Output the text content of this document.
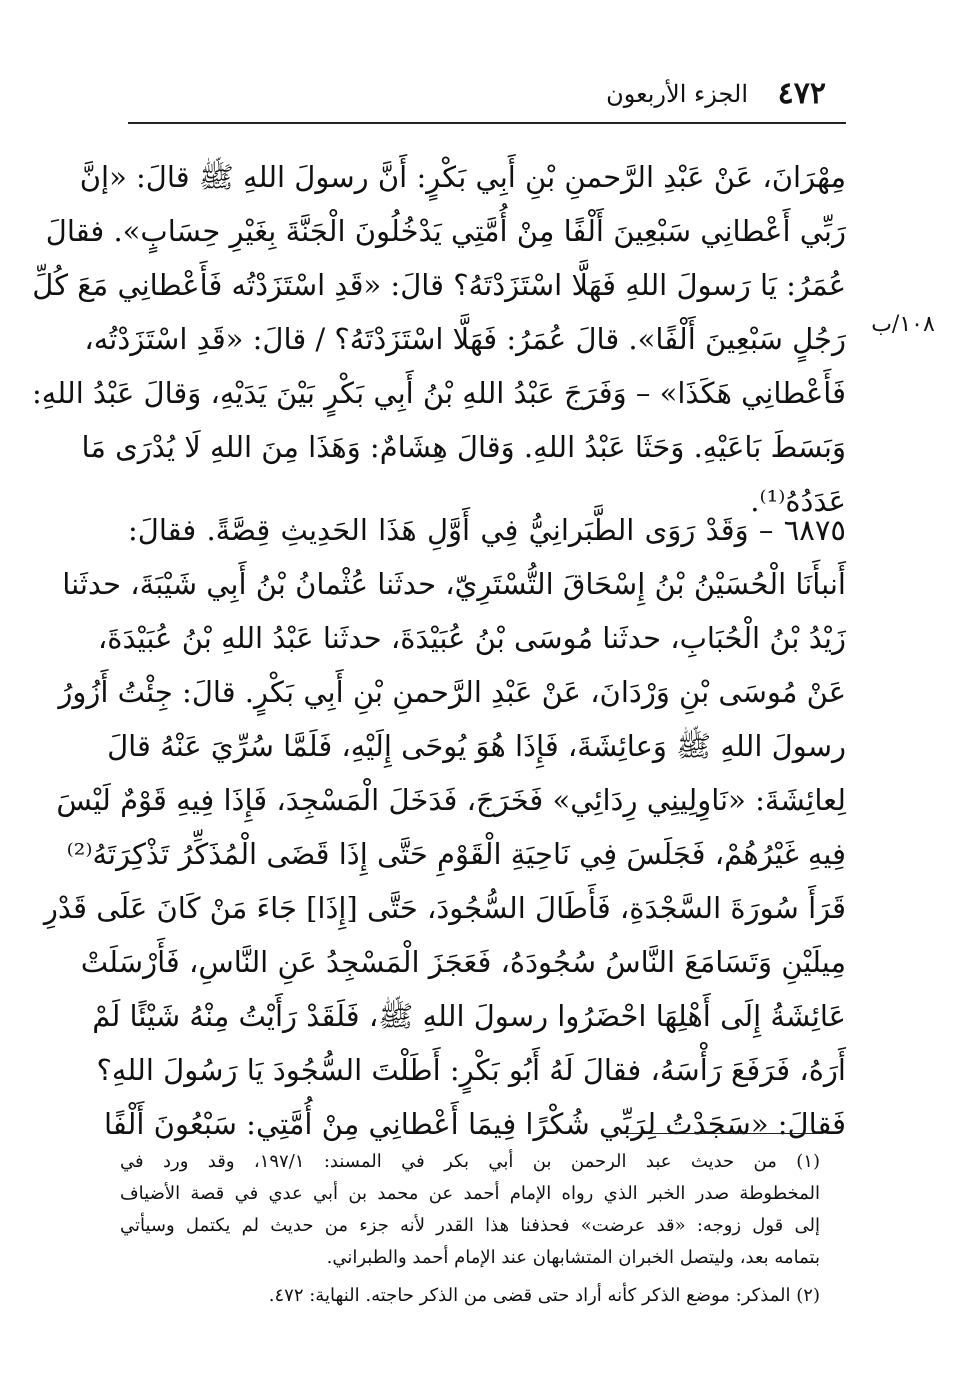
٤٧٢
الجزء الأربعون
١٠٨/ب
مِهْرَانَ، عَنْ عَبْدِ الرَّحمنِ بْنِ أَبِي بَكْرٍ: أَنَّ رسولَ اللهِ ﷺ قالَ: «إنَّ
رَبِّي أَعْطانِي سَبْعِينَ أَلْفًا مِنْ أُمَّتِي يَدْخُلُونَ الْجَنَّةَ بِغَيْرِ حِسَابٍ». فقالَ
عُمَرُ: يَا رَسولَ اللهِ فَهَلَّا اسْتَزَدْتَهُ؟ قالَ: «قَدِ اسْتَزَدْتُه فَأَعْطانِي مَعَ كُلِّ
رَجُلٍ سَبْعِينَ أَلْفًا». قالَ عُمَرُ: فَهَلَّا اسْتَزَدْتَهُ؟ / قالَ: «قَدِ اسْتَزَدْتُه،
فَأَعْطانِي هَكَذَا» – وَفَرَجَ عَبْدُ اللهِ بْنُ أَبِي بَكْرٍ بَيْنَ يَدَيْهِ، وَقالَ عَبْدُ اللهِ:
وَبَسَطَ بَاعَيْهِ. وَحَثَا عَبْدُ اللهِ. وَقالَ هِشَامٌ: وَهَذَا مِنَ اللهِ لَا يُدْرَى مَا
عَدَدُهُ⁽¹⁾.
٦٨٧٥ – وَقَدْ رَوَى الطَّبَرانِيُّ فِي أَوَّلِ هَذَا الحَدِيثِ قِصَّةً. فقالَ:
أَنبأَنَا الْحُسَيْنُ بْنُ إِسْحَاقَ التُّسْتَرِيّ، حدثَنا عُثْمانُ بْنُ أَبِي شَيْبَةَ، حدثَنا
زَيْدُ بْنُ الْحُبَابِ، حدثَنا مُوسَى بْنُ عُبَيْدَةَ، حدثَنا عَبْدُ اللهِ بْنُ عُبَيْدَةَ،
عَنْ مُوسَى بْنِ وَرْدَانَ، عَنْ عَبْدِ الرَّحمنِ بْنِ أَبِي بَكْرٍ. قالَ: جِئْتُ أَزُورُ
رسولَ اللهِ ﷺ وَعائِشَةَ، فَإِذَا هُوَ يُوحَى إِلَيْهِ، فَلَمَّا سُرِّيَ عَنْهُ قالَ
لِعائِشَةَ: «نَاوِلِينِي رِدَائِي» فَخَرَجَ، فَدَخَلَ الْمَسْجِدَ، فَإِذَا فِيهِ قَوْمٌ لَيْسَ
فِيهِ غَيْرُهُمْ، فَجَلَسَ فِي نَاحِيَةِ الْقَوْمِ حَتَّى إِذَا قَضَى الْمُذَكِّرُ تَذْكِرَتَهُ⁽²⁾
قَرَأَ سُورَةَ السَّجْدَةِ، فَأَطَالَ السُّجُودَ، حَتَّى [إِذَا] جَاءَ مَنْ كَانَ عَلَى قَدْرِ
مِيلَيْنِ وَتَسَامَعَ النَّاسُ سُجُودَهُ، فَعَجَزَ الْمَسْجِدُ عَنِ النَّاسِ، فَأَرْسَلَتْ
عَائِشَةُ إِلَى أَهْلِهَا احْضَرُوا رسولَ اللهِ ﷺ، فَلَقَدْ رَأَيْتُ مِنْهُ شَيْئًا لَمْ
أَرَهُ، فَرَفَعَ رَأْسَهُ، فقالَ لَهُ أَبُو بَكْرٍ: أَطَلْتَ السُّجُودَ يَا رَسُولَ اللهِ؟
فَقالَ: «سَجَدْتُ لِرَبِّي شُكْرًا فِيمَا أَعْطانِي مِنْ أُمَّتِي: سَبْعُونَ أَلْفًا
(١) من حديث عبد الرحمن بن أبي بكر في المسند: ١٩٧/١، وقد ورد في
المخطوطة صدر الخبر الذي رواه الإمام أحمد عن محمد بن أبي عدي في قصة الأضياف
إلى قول زوجه: «قد عرضت» فحذفنا هذا القدر لأنه جزء من حديث لم يكتمل وسيأتي
بتمامه بعد، وليتصل الخبران المتشابهان عند الإمام أحمد والطبراني.
(٢) المذكر: موضع الذكر كأنه أراد حتى قضى من الذكر حاجته. النهاية: ٤٧٢.
